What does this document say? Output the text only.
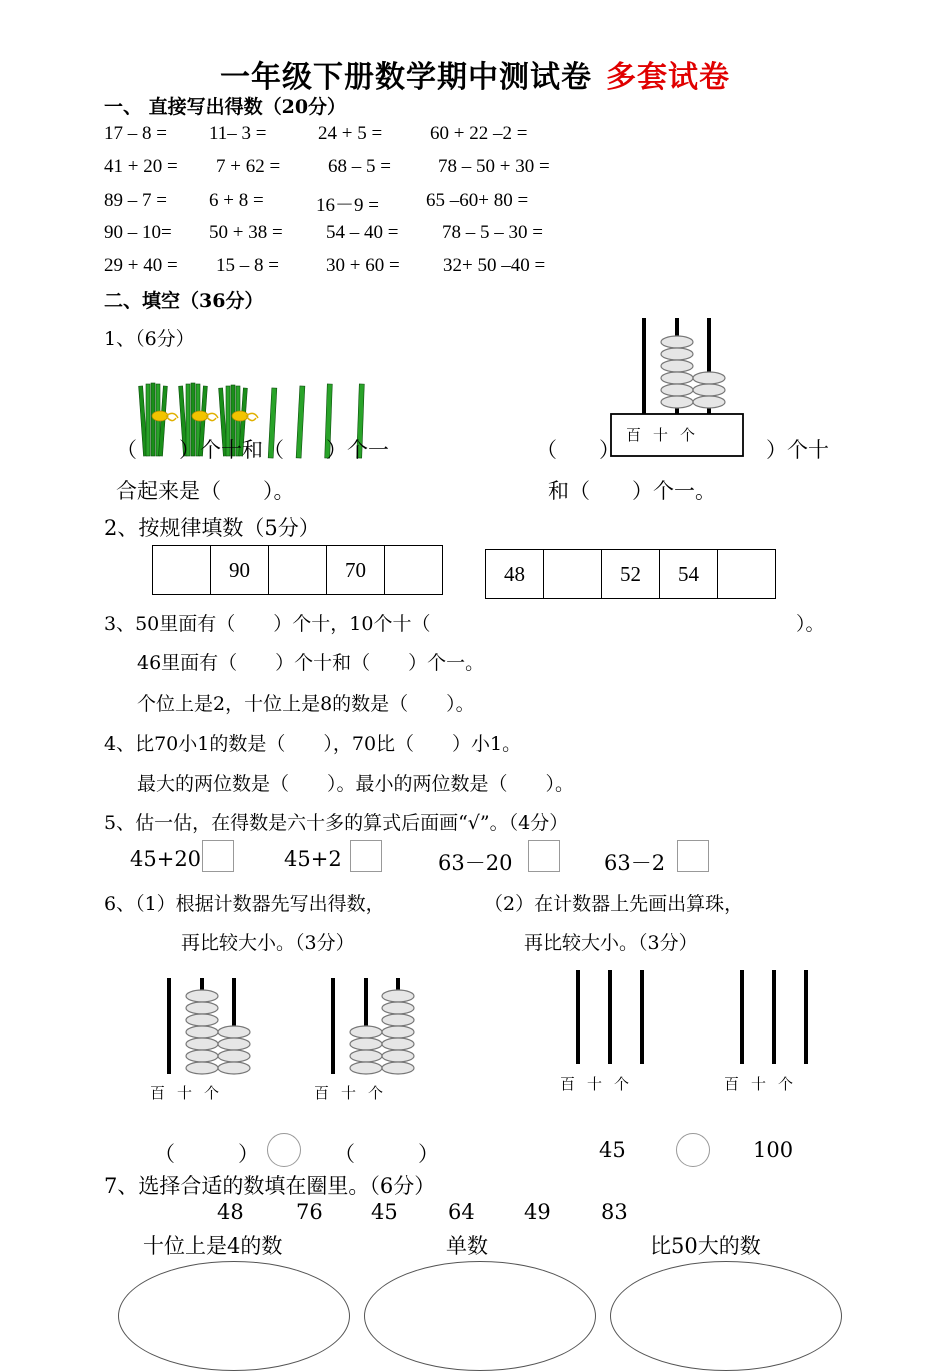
一年级下册数学期中测试卷 多套试卷
一、 直接写出得数（20分）
17 – 8 = 11– 3 =	24 + 5 =	60 + 22 –2 =
41 + 20 = 7 + 62 =	68 – 5 = 78 – 50 + 30 =
89 – 7 = 6 + 8 =	16－9 = 65 –60+ 80 =
90 – 10= 50 + 38 = 54 – 40 = 78 – 5 – 30 =
29 + 40 = 15 – 8 = 30 + 60 = 32+ 50 –40 =
二、填空（36分）
1、（6分）
（　　）个十和（　　）个一
合起来是（　　）。
百十个
（　　）	）个十
和（　　）个一。
2、按规律填数（5分）
	90		70		48		52	54	
3、50里面有（　　）个十，10个十（	）。
46里面有（　　）个十和（　　）个一。
个位上是2，十位上是8的数是（　　）。
4、比70小1的数是（　　），70比（　　）小1。
最大的两位数是（　　）。最小的两位数是（　　）。
5、估一估，在得数是六十多的算式后面画“√”。（4分）
45+20	45+2	63－20	63－2
6、（1）根据计数器先写出得数，
再比较大小。（3分）
（2）在计数器上先画出算珠，
再比较大小。（3分）
百十个	百十个	百十个	百十个
（　　　）	（　　　）	45	100
7、选择合适的数填在圈里。（6分）
48 76 45 64 49 83
十位上是4的数	单数	比50大的数
